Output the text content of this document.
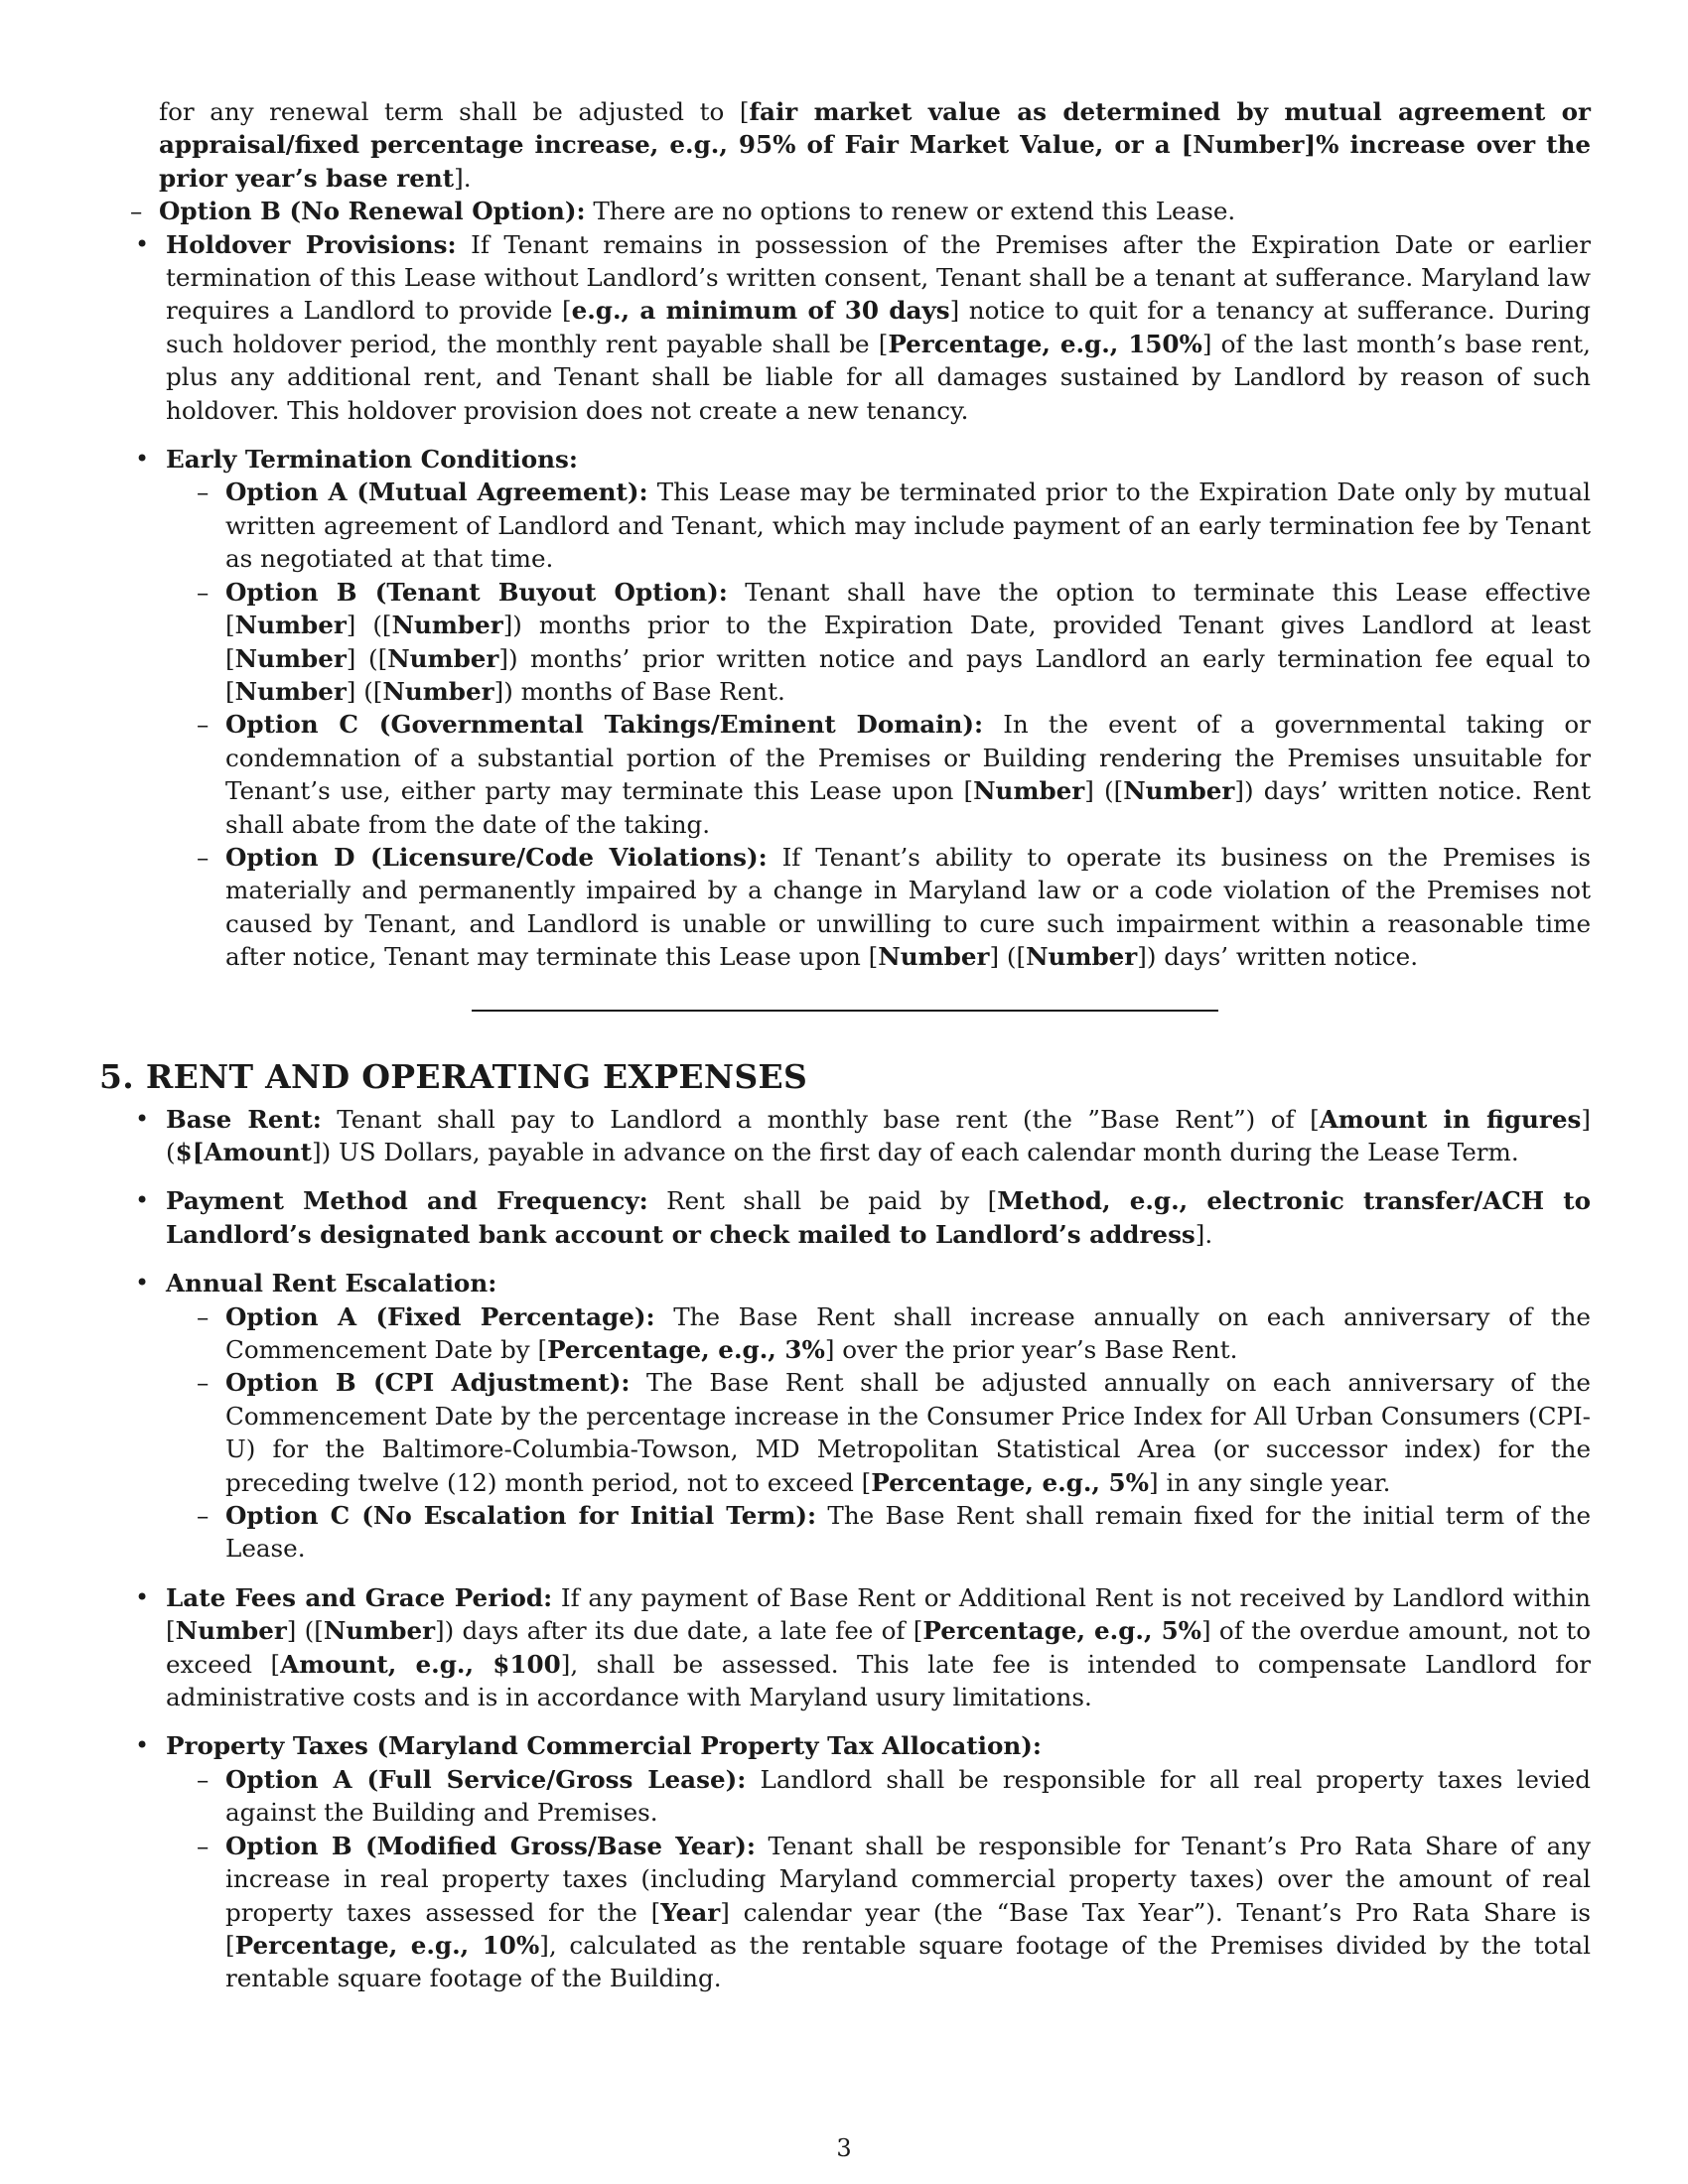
for any renewal term shall be adjusted to [fair market value as determined by mutual agreement or appraisal/fixed percentage increase, e.g., 95% of Fair Market Value, or a [Number]% increase over the prior year’s base rent].
– Option B (No Renewal Option): There are no options to renew or extend this Lease.
• Holdover Provisions: If Tenant remains in possession of the Premises after the Expiration Date or earlier termination of this Lease without Landlord’s written consent, Tenant shall be a tenant at sufferance. Maryland law requires a Landlord to provide [e.g., a minimum of 30 days] notice to quit for a tenancy at sufferance. During such holdover period, the monthly rent payable shall be [Percentage, e.g., 150%] of the last month’s base rent, plus any additional rent, and Tenant shall be liable for all damages sustained by Landlord by reason of such holdover. This holdover provision does not create a new tenancy.
• Early Termination Conditions:
– Option A (Mutual Agreement): This Lease may be terminated prior to the Expiration Date only by mutual written agreement of Landlord and Tenant, which may include payment of an early termination fee by Tenant as negotiated at that time.
– Option B (Tenant Buyout Option): Tenant shall have the option to terminate this Lease effective [Number] ([Number]) months prior to the Expiration Date, provided Tenant gives Landlord at least [Number] ([Number]) months’ prior written notice and pays Landlord an early termination fee equal to [Number] ([Number]) months of Base Rent.
– Option C (Governmental Takings/Eminent Domain): In the event of a governmental taking or condemnation of a substantial portion of the Premises or Building rendering the Premises unsuitable for Tenant’s use, either party may terminate this Lease upon [Number] ([Number]) days’ written notice. Rent shall abate from the date of the taking.
– Option D (Licensure/Code Violations): If Tenant’s ability to operate its business on the Premises is materially and permanently impaired by a change in Maryland law or a code violation of the Premises not caused by Tenant, and Landlord is unable or unwilling to cure such impairment within a reasonable time after notice, Tenant may terminate this Lease upon [Number] ([Number]) days’ written notice.
5. RENT AND OPERATING EXPENSES
• Base Rent: Tenant shall pay to Landlord a monthly base rent (the ”Base Rent”) of [Amount in figures] ($[Amount]) US Dollars, payable in advance on the first day of each calendar month during the Lease Term.
• Payment Method and Frequency: Rent shall be paid by [Method, e.g., electronic transfer/ACH to Landlord’s designated bank account or check mailed to Landlord’s address].
• Annual Rent Escalation:
– Option A (Fixed Percentage): The Base Rent shall increase annually on each anniversary of the Commencement Date by [Percentage, e.g., 3%] over the prior year’s Base Rent.
– Option B (CPI Adjustment): The Base Rent shall be adjusted annually on each anniversary of the Commencement Date by the percentage increase in the Consumer Price Index for All Urban Consumers (CPI-U) for the Baltimore-Columbia-Towson, MD Metropolitan Statistical Area (or successor index) for the preceding twelve (12) month period, not to exceed [Percentage, e.g., 5%] in any single year.
– Option C (No Escalation for Initial Term): The Base Rent shall remain fixed for the initial term of the Lease.
• Late Fees and Grace Period: If any payment of Base Rent or Additional Rent is not received by Landlord within [Number] ([Number]) days after its due date, a late fee of [Percentage, e.g., 5%] of the overdue amount, not to exceed [Amount, e.g., $100], shall be assessed. This late fee is intended to compensate Landlord for administrative costs and is in accordance with Maryland usury limitations.
• Property Taxes (Maryland Commercial Property Tax Allocation):
– Option A (Full Service/Gross Lease): Landlord shall be responsible for all real property taxes levied against the Building and Premises.
– Option B (Modified Gross/Base Year): Tenant shall be responsible for Tenant’s Pro Rata Share of any increase in real property taxes (including Maryland commercial property taxes) over the amount of real property taxes assessed for the [Year] calendar year (the “Base Tax Year”). Tenant’s Pro Rata Share is [Percentage, e.g., 10%], calculated as the rentable square footage of the Premises divided by the total rentable square footage of the Building.
3
